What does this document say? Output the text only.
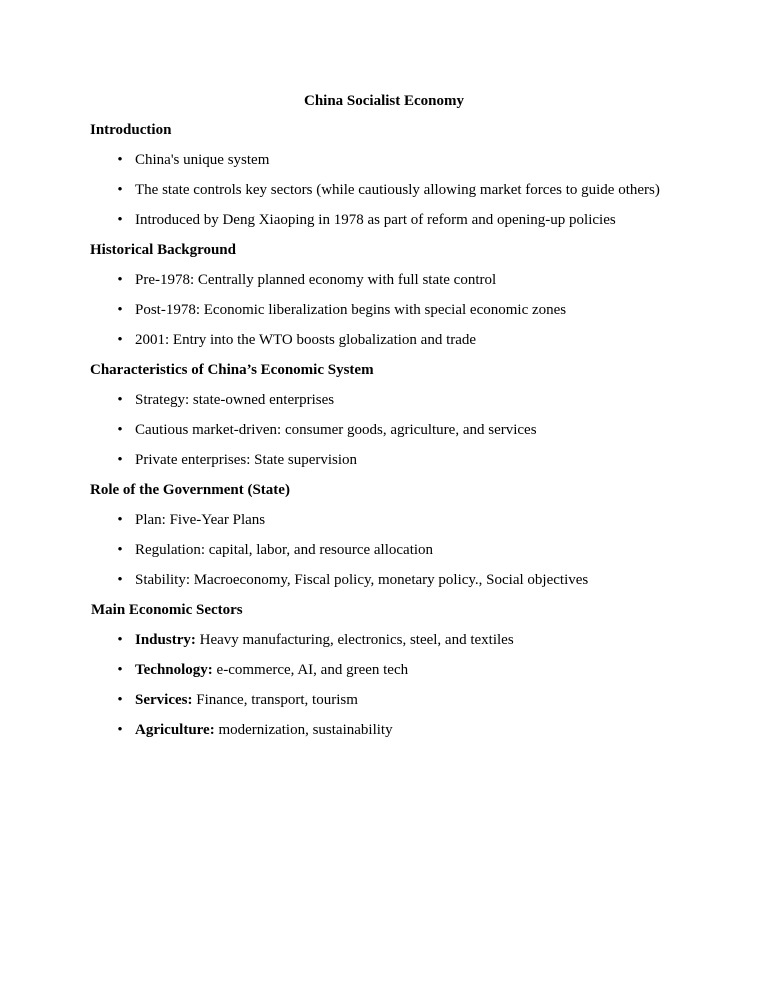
China Socialist Economy
Introduction
•
China's unique system
•
The state controls key sectors (while cautiously allowing market forces to guide others)
•
Introduced by Deng Xiaoping in 1978 as part of reform and opening-up policies
Historical Background
•
Pre-1978: Centrally planned economy with full state control
•
Post-1978: Economic liberalization begins with special economic zones
•
2001: Entry into the WTO boosts globalization and trade
Characteristics of China’s Economic System
•
Strategy: state-owned enterprises
•
Cautious market-driven: consumer goods, agriculture, and services
•
Private enterprises: State supervision
Role of the Government (State)
•
Plan: Five-Year Plans
•
Regulation: capital, labor, and resource allocation
•
Stability: Macroeconomy, Fiscal policy, monetary policy., Social objectives
Main Economic Sectors
•
Industry: Heavy manufacturing, electronics, steel, and textiles
•
Technology: e-commerce, AI, and green tech
•
Services: Finance, transport, tourism
•
Agriculture: modernization, sustainability
